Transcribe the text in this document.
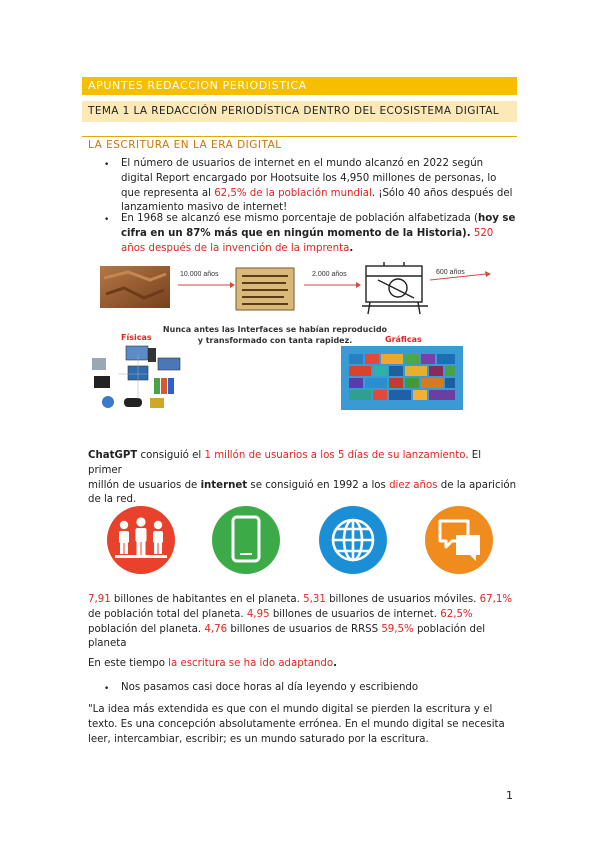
APUNTES REDACCION PERIODISTICA
TEMA 1 LA REDACCIÓN PERIODÍSTICA DENTRO DEL ECOSISTEMA DIGITAL
LA ESCRITURA EN LA ERA DIGITAL
• El número de usuarios de internet en el mundo alcanzó en 2022 según
digital Report encargado por Hootsuite los 4,950 millones de personas, lo
que representa al 62,5% de la población mundial. ¡Sólo 40 años después del
lanzamiento masivo de internet!
• En 1968 se alcanzó ese mismo porcentaje de población alfabetizada (hoy se
cifra en un 87% más que en ningún momento de la Historia). 520
años después de la invención de la imprenta.
10.000 años	2.000 años	600 años
Nunca antes las Interfaces se habían reproducido y transformado con tanta rapidez.
Físicas	Gráficas
ChatGPT consiguió el 1 millón de usuarios a los 5 días de su lanzamiento. El primer
millón de usuarios de internet se consiguió en 1992 a los diez años de la aparición
de la red.
7,91 billones de habitantes en el planeta. 5,31 billones de usuarios móviles. 67,1%
de población total del planeta. 4,95 billones de usuarios de internet. 62,5%
población del planeta. 4,76 billones de usuarios de RRSS 59,5% población del
planeta
En este tiempo la escritura se ha ido adaptando.
• Nos pasamos casi doce horas al día leyendo y escribiendo
"La idea más extendida es que con el mundo digital se pierden la escritura y el
texto. Es una concepción absolutamente errónea. En el mundo digital se necesita
leer, intercambiar, escribir; es un mundo saturado por la escritura.
1
